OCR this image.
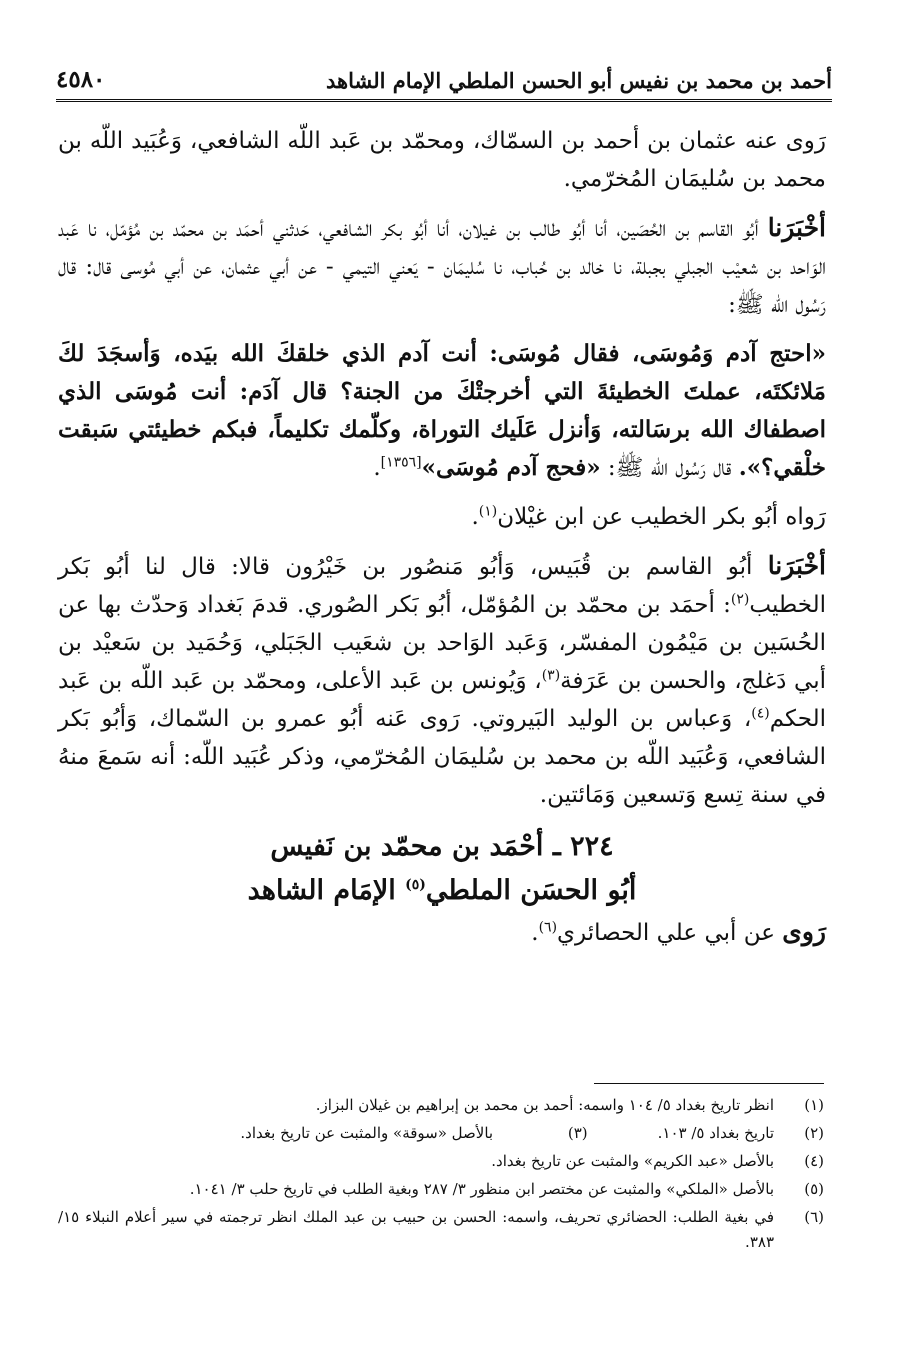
أحمد بن محمد بن نفيس أبو الحسن الملطي الإمام الشاهد
٤٥٨٠

رَوى عنه عثمان بن أحمد بن السمّاك، ومحمّد بن عَبد اللّه الشافعي، وَعُبَيد اللّه بن محمد بن سُليمَان المُخرّمي.

أخْبَرَنا أبُو القاسم بن الحُصَين، أنا أبُو طالب بن غيلان، أنا أبُو بكر الشافعي، حَدثني أحمَد بن محمّد بن مُؤمّل، نا عَبد الوَاحد بن شعيْب الجبلي بجبلة، نا خالد بن حُباب، نا سُليمَان - يَعني التيمي - عن أبي عثمان، عن أبي مُوسى قال: قال رَسُول الله ﷺ:

«احتج آدم وَمُوسَى، فقال مُوسَى: أنت آدم الذي خلقكَ الله بيَده، وَأسجَدَ لكَ مَلائكتَه، عملتَ الخطيئةَ التي أخرجتْكَ من الجنة؟ قال آدَم: أنت مُوسَى الذي اصطفاك الله برسَالته، وَأنزل عَلَيك التوراة، وكلّمك تكليماً، فبكم خطيئتي سَبقت خلْقي؟». قال رَسُول الله ﷺ: «فحج آدم مُوسَى»[١٣٥٦].

رَواه أبُو بكر الخطيب عن ابن غيْلان$^{(١)}$.

أخْبَرَنا أبُو القاسم بن قُبَيس، وَأبُو مَنصُور بن خَيْرُون قالا: قال لنا أبُو بَكر الخطيب$^{(٢)}$: أحمَد بن محمّد بن المُؤمّل، أبُو بَكر الصُوري. قدمَ بَغداد وَحدّث بها عن الحُسَين بن مَيْمُون المفسّر، وَعَبد الوَاحد بن شعَيب الجَبَلي، وَحُمَيد بن سَعيْد بن أبي دَغلج، والحسن بن عَرَفة$^{(٣)}$، وَيُونس بن عَبد الأعلى، ومحمّد بن عَبد اللّه بن عَبد الحكم$^{(٤)}$، وَعباس بن الوليد البَيروتي. رَوى عَنه أبُو عمرو بن السّماك، وَأبُو بَكر الشافعي، وَعُبَيد اللّه بن محمد بن سُليمَان المُخرّمي، وذكر عُبَيد اللّه: أنه سَمعَ منهُ في سنة تِسع وَتسعين وَمَائتين.

٢٢٤ ـ أحْمَد بن محمّد بن نَفيس
أبُو الحسَن الملطي$^{(٥)}$ الإمَام الشاهد

رَوى عن أبي علي الحصائري$^{(٦)}$.

(١)
انظر تاريخ بغداد ٥/ ١٠٤ واسمه: أحمد بن محمد بن إبراهيم بن غيلان البزاز.
(٢)
تاريخ بغداد ٥/ ١٠٣.(٣) بالأصل «سوقة» والمثبت عن تاريخ بغداد.
(٤)
بالأصل «عبد الكريم» والمثبت عن تاريخ بغداد.
(٥)
بالأصل «الملكي» والمثبت عن مختصر ابن منظور ٣/ ٢٨٧ وبغية الطلب في تاريخ حلب ٣/ ١٠٤١.
(٦)
في بغية الطلب: الحضائري تحريف، واسمه: الحسن بن حبيب بن عبد الملك انظر ترجمته في سير أعلام النبلاء ١٥/ ٣٨٣.
